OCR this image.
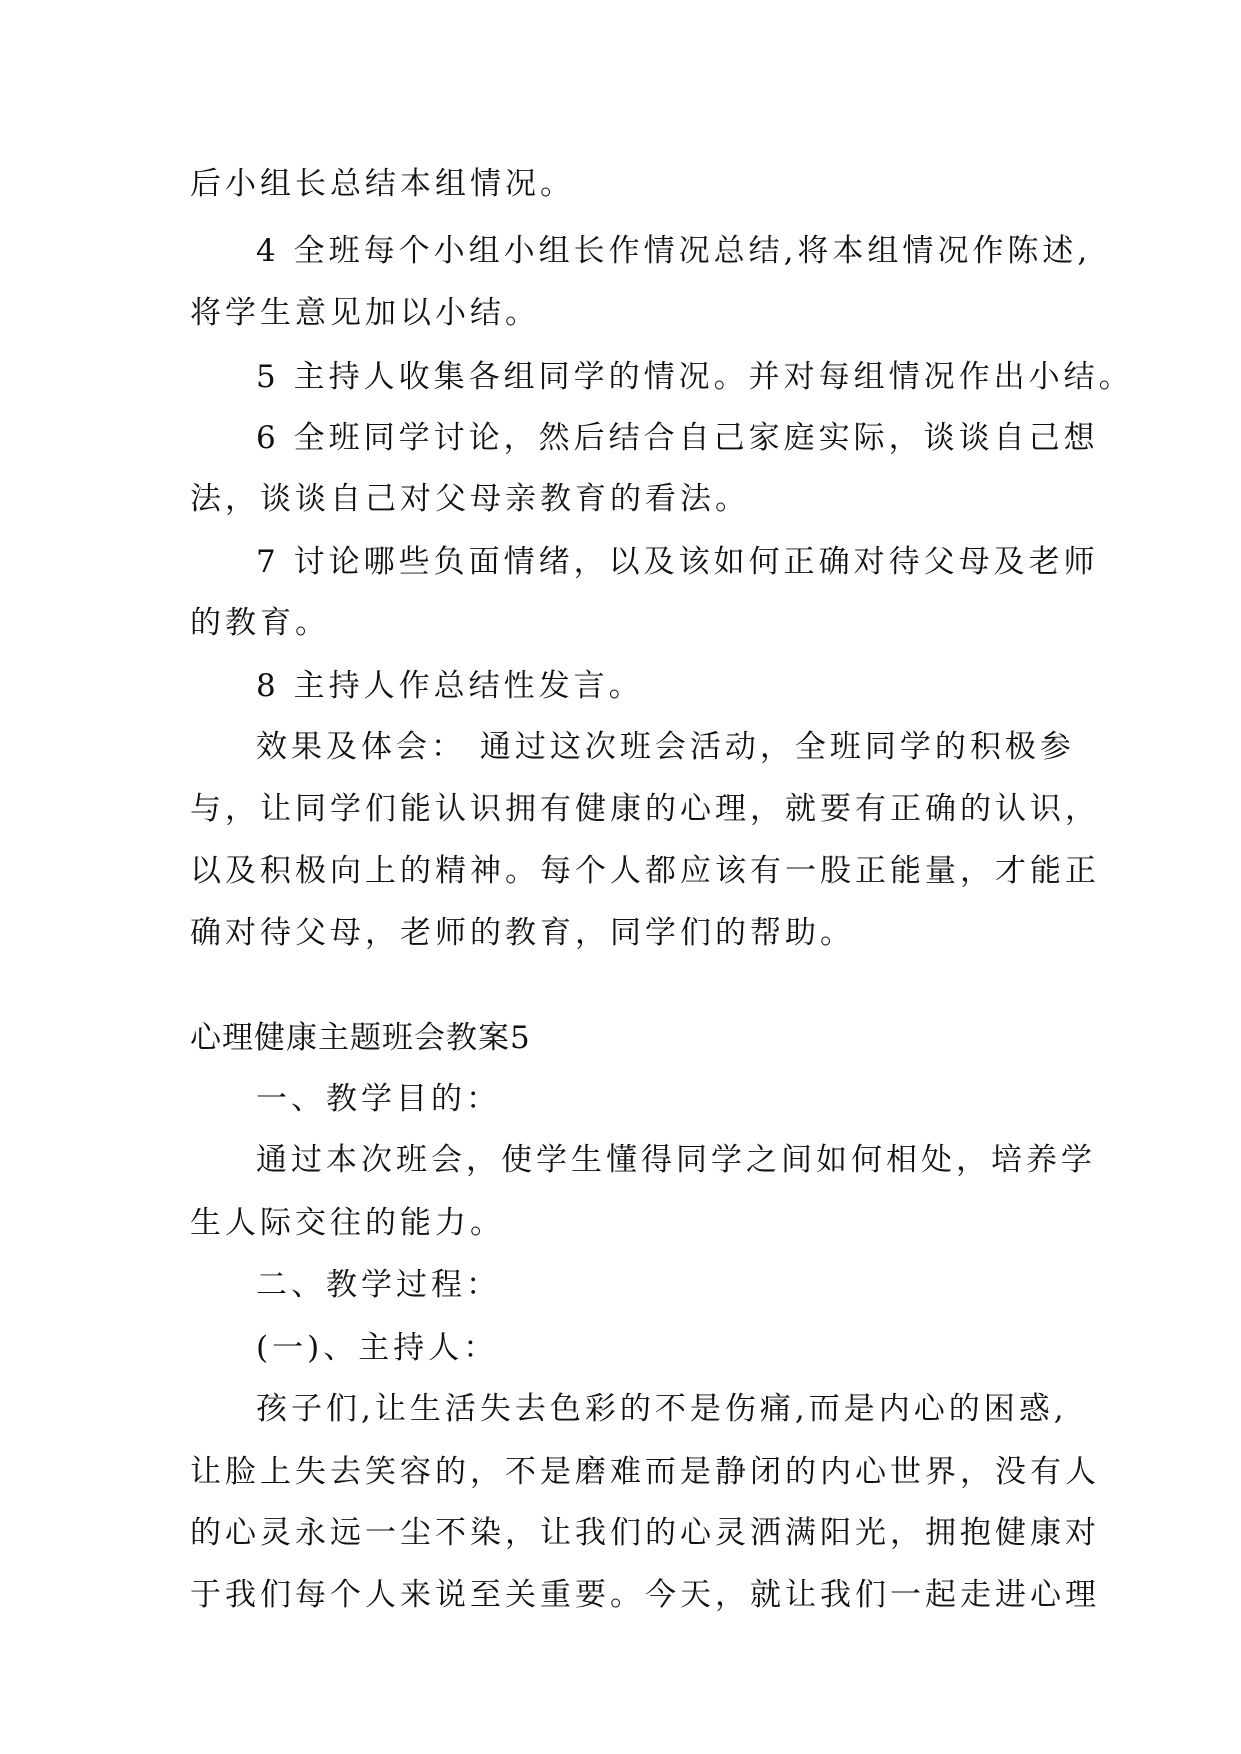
后小组长总结本组情况。
4 全班每个小组小组长作情况总结,将本组情况作陈述,
将学生意见加以小结。
5 主持人收集各组同学的情况。并对每组情况作出小结。
6 全班同学讨论，然后结合自己家庭实际，谈谈自己想
法，谈谈自己对父母亲教育的看法。
7 讨论哪些负面情绪，以及该如何正确对待父母及老师
的教育。
8 主持人作总结性发言。
效果及体会： 通过这次班会活动，全班同学的积极参
与，让同学们能认识拥有健康的心理，就要有正确的认识，
以及积极向上的精神。每个人都应该有一股正能量，才能正
确对待父母，老师的教育，同学们的帮助。
心理健康主题班会教案5
一、教学目的：
通过本次班会，使学生懂得同学之间如何相处，培养学
生人际交往的能力。
二、教学过程：
(一)、主持人：
孩子们,让生活失去色彩的不是伤痛,而是内心的困惑,
让脸上失去笑容的，不是磨难而是静闭的内心世界，没有人
的心灵永远一尘不染，让我们的心灵洒满阳光，拥抱健康对
于我们每个人来说至关重要。今天，就让我们一起走进心理
